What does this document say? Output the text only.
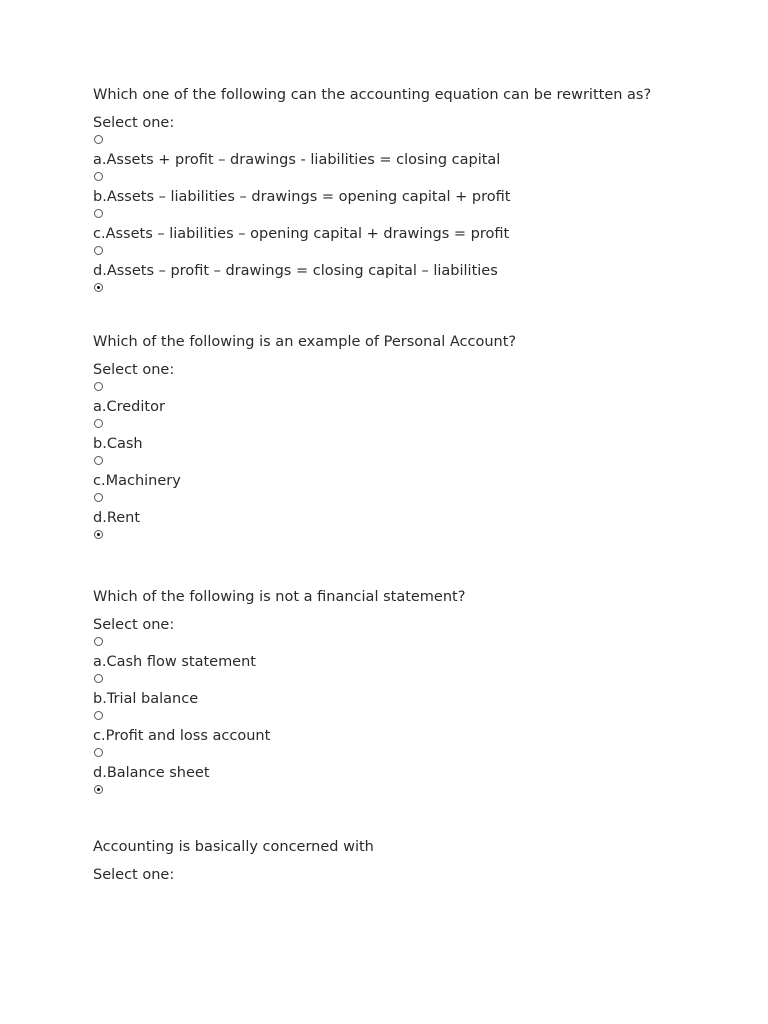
Which one of the following can the accounting equation can be rewritten as?

Select one:
a.Assets + profit – drawings - liabilities = closing capital
b.Assets – liabilities – drawings = opening capital + profit
c.Assets – liabilities – opening capital + drawings = profit
d.Assets – profit – drawings = closing capital – liabilities

Which of the following is an example of Personal Account?

Select one:
a.Creditor
b.Cash
c.Machinery
d.Rent

Which of the following is not a financial statement?

Select one:
a.Cash flow statement
b.Trial balance
c.Profit and loss account
d.Balance sheet

Accounting is basically concerned with

Select one:
